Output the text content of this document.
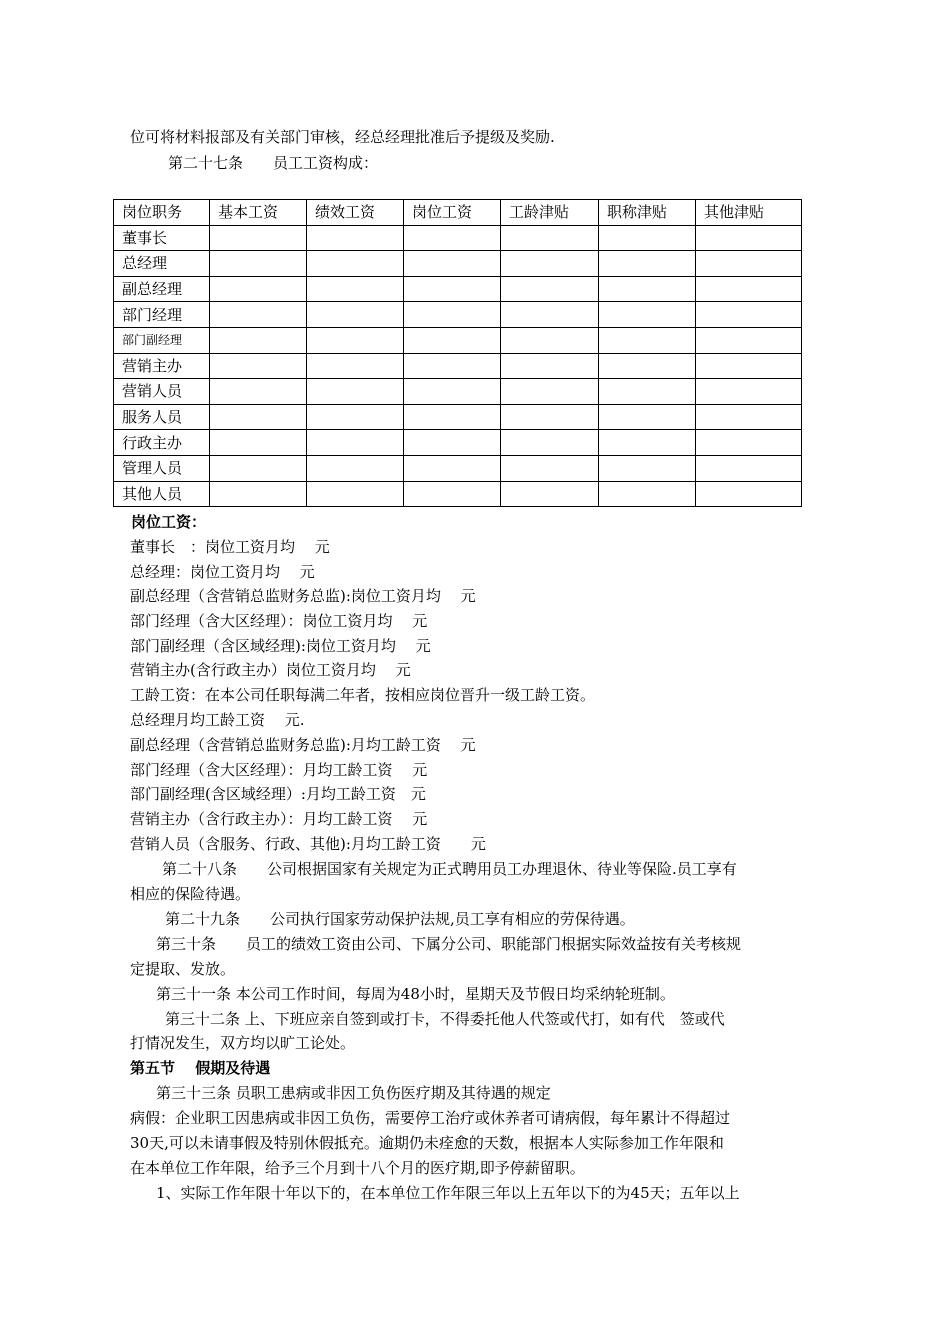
位可将材料报部及有关部门审核，经总经理批准后予提级及奖励.
第二十七条　　员工工资构成：
岗位职务	基本工资	绩效工资	岗位工资	工龄津贴	职称津贴	其他津贴
董事长						
总经理						
副总经理						
部门经理						
部门副经理						
营销主办						
营销人员						
服务人员						
行政主办						
管理人员						
其他人员						
岗位工资：
董事长　：岗位工资月均　 元
总经理：岗位工资月均　 元
副总经理（含营销总监财务总监):岗位工资月均　 元
部门经理（含大区经理）：岗位工资月均　 元
部门副经理（含区域经理):岗位工资月均　 元
营销主办(含行政主办）岗位工资月均　 元
工龄工资：在本公司任职每满二年者，按相应岗位晋升一级工龄工资。
总经理月均工龄工资　 元.
副总经理（含营销总监财务总监):月均工龄工资　 元
部门经理（含大区经理）：月均工龄工资　 元
部门副经理(含区域经理）:月均工龄工资　元
营销主办（含行政主办）：月均工龄工资　 元
营销人员（含服务、行政、其他):月均工龄工资　　元
第二十八条　　公司根据国家有关规定为正式聘用员工办理退休、待业等保险.员工享有
相应的保险待遇。
第二十九条　　公司执行国家劳动保护法规,员工享有相应的劳保待遇。
第三十条　　员工的绩效工资由公司、下属分公司、职能部门根据实际效益按有关考核规
定提取、发放。
第三十一条 本公司工作时间，每周为48小时，星期天及节假日均采纳轮班制。
第三十二条 上、下班应亲自签到或打卡，不得委托他人代签或代打，如有代　签或代
打情况发生，双方均以旷工论处。
第五节　 假期及待遇
第三十三条 员职工患病或非因工负伤医疗期及其待遇的规定
病假：企业职工因患病或非因工负伤，需要停工治疗或休养者可请病假，每年累计不得超过
30天,可以未请事假及特别休假抵充。逾期仍未痊愈的天数，根据本人实际参加工作年限和
在本单位工作年限，给予三个月到十八个月的医疗期,即予停薪留职。
1、实际工作年限十年以下的，在本单位工作年限三年以上五年以下的为45天；五年以上
